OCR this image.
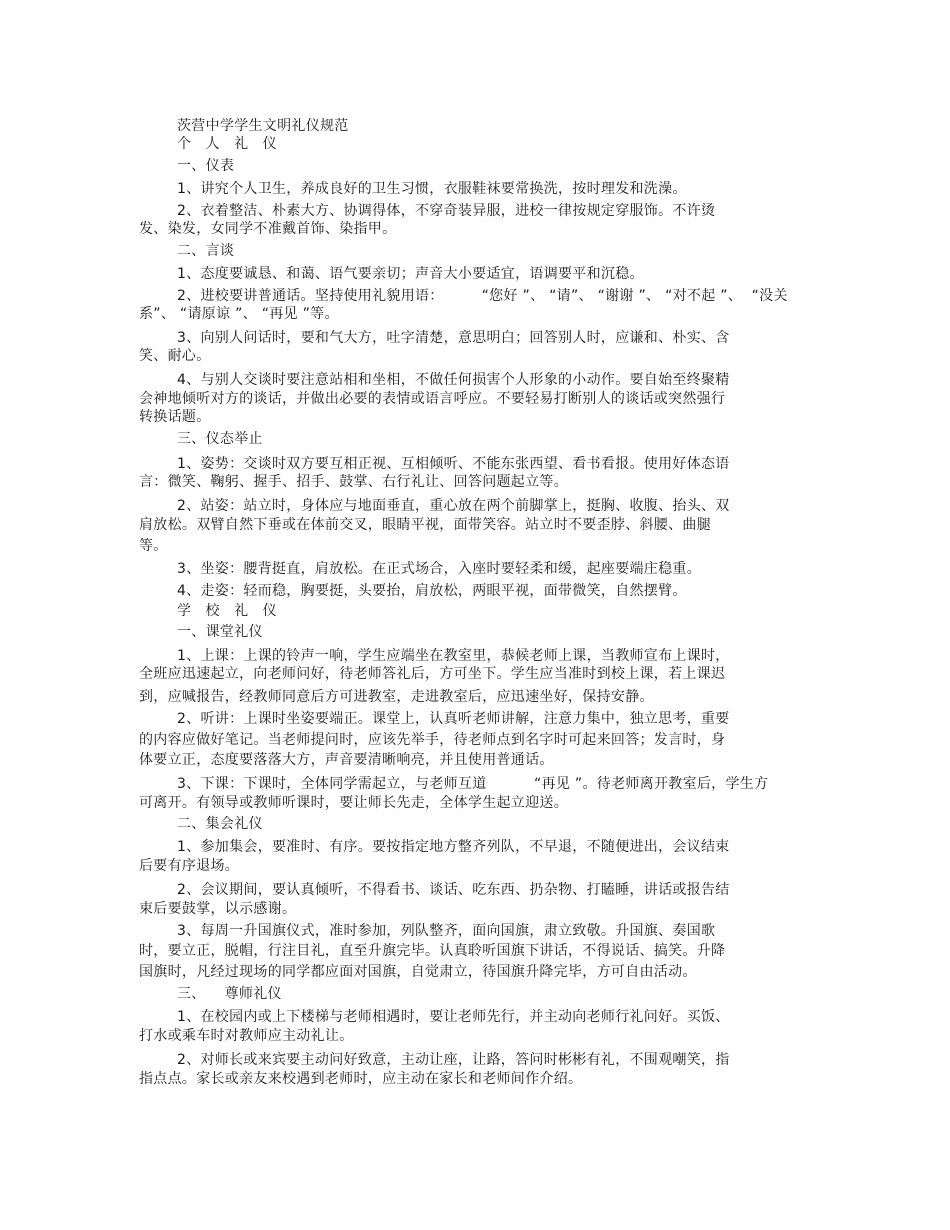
茨营中学学生文明礼仪规范
个   人   礼   仪
一、仪表
1、讲究个人卫生，养成良好的卫生习惯，衣服鞋袜要常换洗，按时理发和洗澡。
2、衣着整洁、朴素大方、协调得体，不穿奇装异服，进校一律按规定穿服饰。不许烫
发、染发，女同学不准戴首饰、染指甲。
二、言谈
1、态度要诚恳、和蔼、语气要亲切；声音大小要适宜，语调要平和沉稳。
2、进校要讲普通话。坚持使用礼貌用语：        “您好 ”、 “请”、 “谢谢 ”、 “对不起 ”、  “没关
系”、 “请原谅 ”、 “再见 ”等。
3、向别人问话时，要和气大方，吐字清楚，意思明白；回答别人时，应谦和、朴实、含
笑、耐心。
4、与别人交谈时要注意站相和坐相，不做任何损害个人形象的小动作。要自始至终聚精
会神地倾听对方的谈话，并做出必要的表情或语言呼应。不要轻易打断别人的谈话或突然强行
转换话题。
三、仪态举止
1、姿势：交谈时双方要互相正视、互相倾听、不能东张西望、看书看报。使用好体态语
言：微笑、鞠躬、握手、招手、鼓掌、右行礼让、回答问题起立等。
2、站姿：站立时，身体应与地面垂直，重心放在两个前脚掌上，挺胸、收腹、抬头、双
肩放松。双臂自然下垂或在体前交叉，眼睛平视，面带笑容。站立时不要歪脖、斜腰、曲腿
等。
3、坐姿：腰背挺直，肩放松。在正式场合，入座时要轻柔和缓，起座要端庄稳重。
4、走姿：轻而稳，胸要挺，头要抬，肩放松，两眼平视，面带微笑，自然摆臂。
学   校   礼   仪
一、课堂礼仪
1、上课：上课的铃声一响，学生应端坐在教室里，恭候老师上课，当教师宣布上课时，
全班应迅速起立，向老师问好，待老师答礼后，方可坐下。学生应当准时到校上课，若上课迟
到，应喊报告，经教师同意后方可进教室，走进教室后，应迅速坐好，保持安静。
2、听讲：上课时坐姿要端正。课堂上，认真听老师讲解，注意力集中，独立思考，重要
的内容应做好笔记。当老师提问时，应该先举手，待老师点到名字时可起来回答；发言时，身
体要立正，态度要落落大方，声音要清晰响亮，并且使用普通话。
3、下课：下课时，全体同学需起立，与老师互道          “再见 ”。待老师离开教室后，学生方
可离开。有领导或教师听课时，要让师长先走，全体学生起立迎送。
二、集会礼仪
1、参加集会，要准时、有序。要按指定地方整齐列队，不早退，不随便进出，会议结束
后要有序退场。
2、会议期间，要认真倾听，不得看书、谈话、吃东西、扔杂物、打瞌睡，讲话或报告结
束后要鼓掌，以示感谢。
3、每周一升国旗仪式，准时参加，列队整齐，面向国旗，肃立致敬。升国旗、奏国歌
时，要立正，脱帽，行注目礼，直至升旗完毕。认真聆听国旗下讲话，不得说话、搞笑。升降
国旗时，凡经过现场的同学都应面对国旗，自觉肃立，待国旗升降完毕，方可自由活动。
三、    尊师礼仪
1、在校园内或上下楼梯与老师相遇时，要让老师先行，并主动向老师行礼问好。买饭、
打水或乘车时对教师应主动礼让。
2、对师长或来宾要主动问好致意，主动让座，让路，答问时彬彬有礼，不围观嘲笑，指
指点点。家长或亲友来校遇到老师时，应主动在家长和老师间作介绍。
